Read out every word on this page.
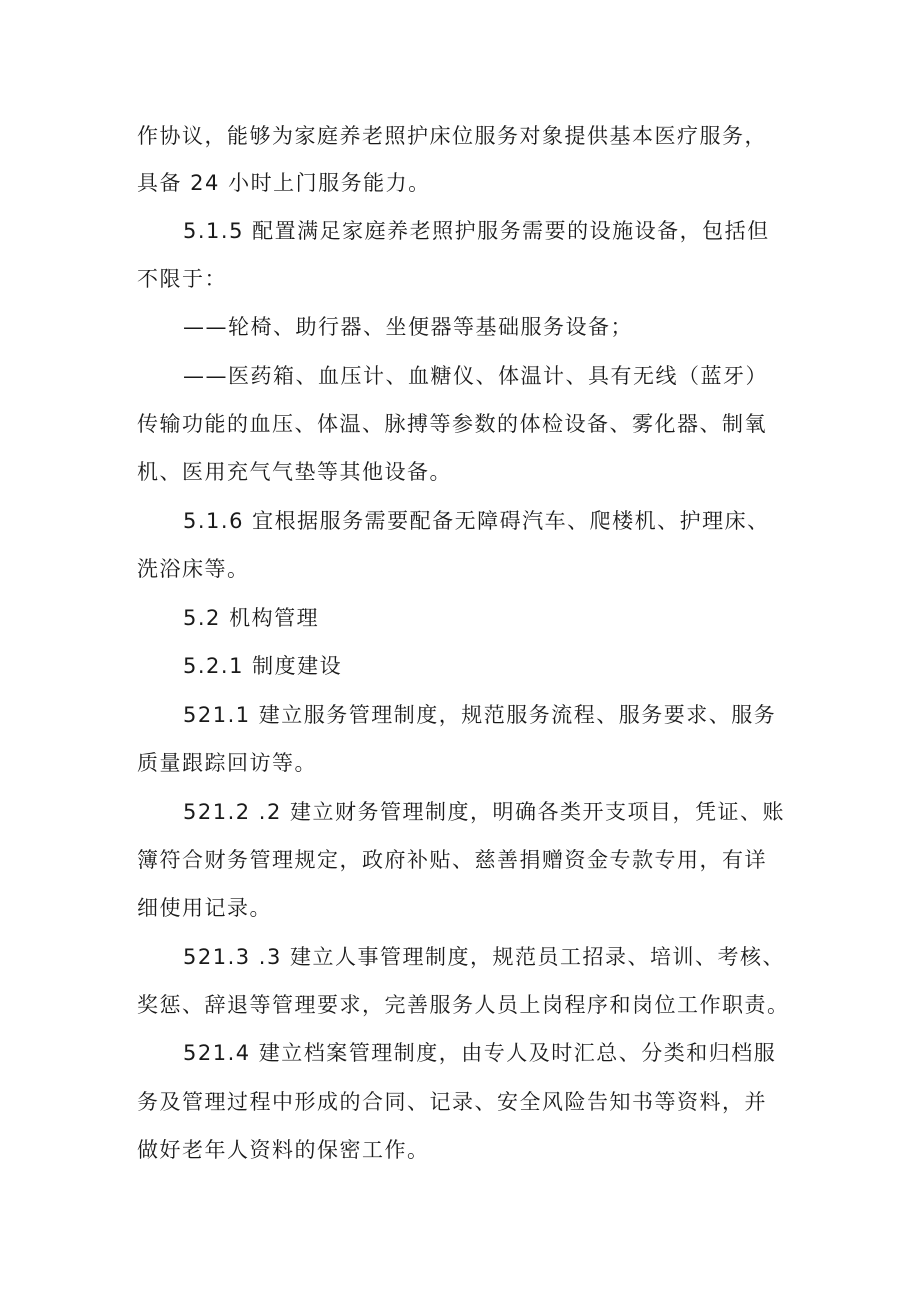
作协议，能够为家庭养老照护床位服务对象提供基本医疗服务，
具备 24 小时上门服务能力。
5.1.5 配置满足家庭养老照护服务需要的设施设备，包括但
不限于：
——轮椅、助行器、坐便器等基础服务设备；
——医药箱、血压计、血糖仪、体温计、具有无线（蓝牙）
传输功能的血压、体温、脉搏等参数的体检设备、雾化器、制氧
机、医用充气气垫等其他设备。
5.1.6 宜根据服务需要配备无障碍汽车、爬楼机、护理床、
洗浴床等。
5.2 机构管理
5.2.1 制度建设
521.1 建立服务管理制度，规范服务流程、服务要求、服务
质量跟踪回访等。
521.2 .2 建立财务管理制度，明确各类开支项目，凭证、账
簿符合财务管理规定，政府补贴、慈善捐赠资金专款专用，有详
细使用记录。
521.3 .3 建立人事管理制度，规范员工招录、培训、考核、
奖惩、辞退等管理要求，完善服务人员上岗程序和岗位工作职责。
521.4 建立档案管理制度，由专人及时汇总、分类和归档服
务及管理过程中形成的合同、记录、安全风险告知书等资料，并
做好老年人资料的保密工作。
